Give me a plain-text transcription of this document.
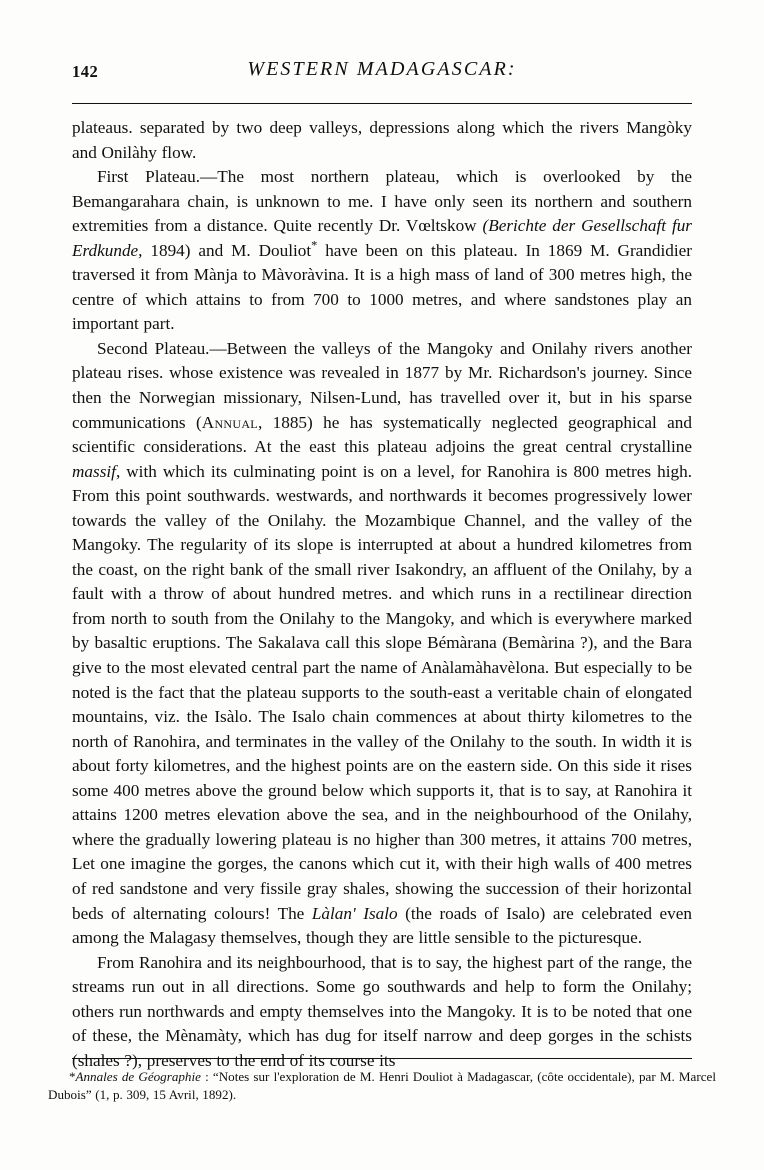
142	WESTERN MADAGASCAR:

plateaus. separated by two deep valleys, depressions along which the rivers Mangòky and Onilàhy flow.

First Plateau.—The most northern plateau, which is overlooked by the Bemangarahara chain, is unknown to me. I have only seen its northern and southern extremities from a distance. Quite recently Dr. Vœltskow (Berichte der Gesellschaft fur Erdkunde, 1894) and M. Douliot* have been on this plateau. In 1869 M. Grandidier traversed it from Mànja to Màvoràvina. It is a high mass of land of 300 metres high, the centre of which attains to from 700 to 1000 metres, and where sandstones play an important part.

Second Plateau.—Between the valleys of the Mangoky and Onilahy rivers another plateau rises. whose existence was revealed in 1877 by Mr. Richardson's journey. Since then the Norwegian missionary, Nilsen-Lund, has travelled over it, but in his sparse communications (Annual, 1885) he has systematically neglected geographical and scientific considerations. At the east this plateau adjoins the great central crystalline massif, with which its culminating point is on a level, for Ranohira is 800 metres high. From this point southwards. westwards, and northwards it becomes progressively lower towards the valley of the Onilahy. the Mozambique Channel, and the valley of the Mangoky. The regularity of its slope is interrupted at about a hundred kilometres from the coast, on the right bank of the small river Isakondry, an affluent of the Onilahy, by a fault with a throw of about hundred metres. and which runs in a rectilinear direction from north to south from the Onilahy to the Mangoky, and which is everywhere marked by basaltic eruptions. The Sakalava call this slope Bémàrana (Bemàrina ?), and the Bara give to the most elevated central part the name of Anàlamàhavèlona. But especially to be noted is the fact that the plateau supports to the south-east a veritable chain of elongated mountains, viz. the Isàlo. The Isalo chain commences at about thirty kilometres to the north of Ranohira, and terminates in the valley of the Onilahy to the south. In width it is about forty kilometres, and the highest points are on the eastern side. On this side it rises some 400 metres above the ground below which supports it, that is to say, at Ranohira it attains 1200 metres elevation above the sea, and in the neighbourhood of the Onilahy, where the gradually lowering plateau is no higher than 300 metres, it attains 700 metres, Let one imagine the gorges, the canons which cut it, with their high walls of 400 metres of red sandstone and very fissile gray shales, showing the succession of their horizontal beds of alternating colours! The Làlan' Isalo (the roads of Isalo) are celebrated even among the Malagasy themselves, though they are little sensible to the picturesque.

From Ranohira and its neighbourhood, that is to say, the highest part of the range, the streams run out in all directions. Some go southwards and help to form the Onilahy; others run northwards and empty themselves into the Mangoky. It is to be noted that one of these, the Mènamàty, which has dug for itself narrow and deep gorges in the schists (shales ?), preserves to the end of its course its

*Annales de Géographie : “Notes sur l'exploration de M. Henri Douliot à Madagascar, (côte occidentale), par M. Marcel Dubois” (1, p. 309, 15 Avril, 1892).
